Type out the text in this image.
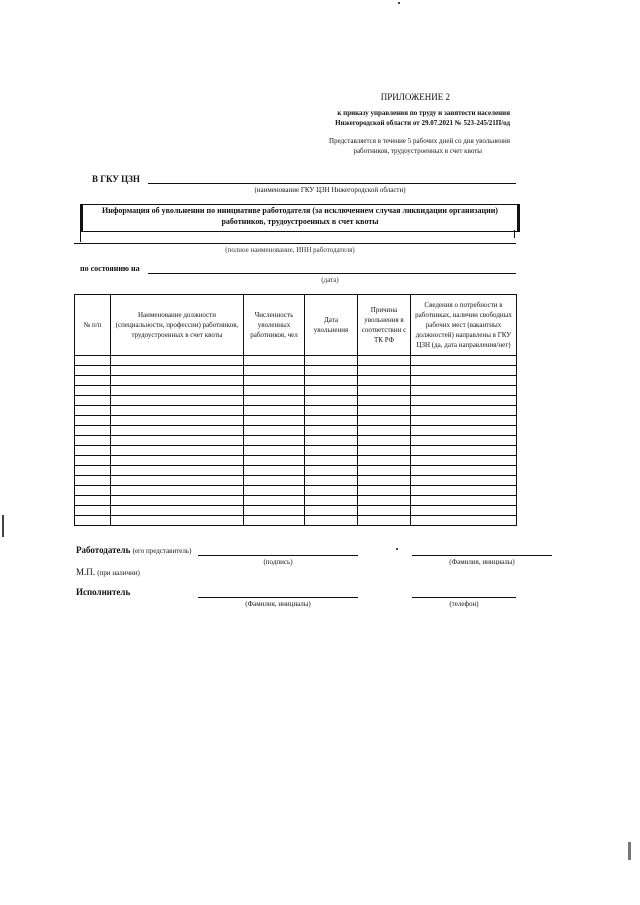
ПРИЛОЖЕНИЕ 2
к приказу управления по труду и занятости населения
Нижегородской области от 29.07.2021 № 523-245/21П/од
Представляется в течение 5 рабочих дней со дня увольнения
работников, трудоустроенных в счет квоты
В ГКУ ЦЗН
(наименование ГКУ ЦЗН Нижегородской области)
Информация об увольнении по инициативе работодателя (за исключением случая ликвидации организации)
работников, трудоустроенных в счет квоты
(полное наименование, ИНН работодателя)
по состоянию на
(дата)
№ п/п	Наименование должности (специальности, профессии) работников, трудоустроенных в счет квоты	Численность уволенных работников, чел	Дата увольнения	Причина увольнения в соответствии с ТК РФ	Сведения о потребности в работниках, наличии свободных рабочих мест (вакантных должностей) направлены в ГКУ ЦЗН (да, дата направления/нет)

Работодатель (его представитель)
(подпись)	(Фамилия, инициалы)
М.П. (при наличии)
Исполнитель
(Фамилия, инициалы)	(телефон)
